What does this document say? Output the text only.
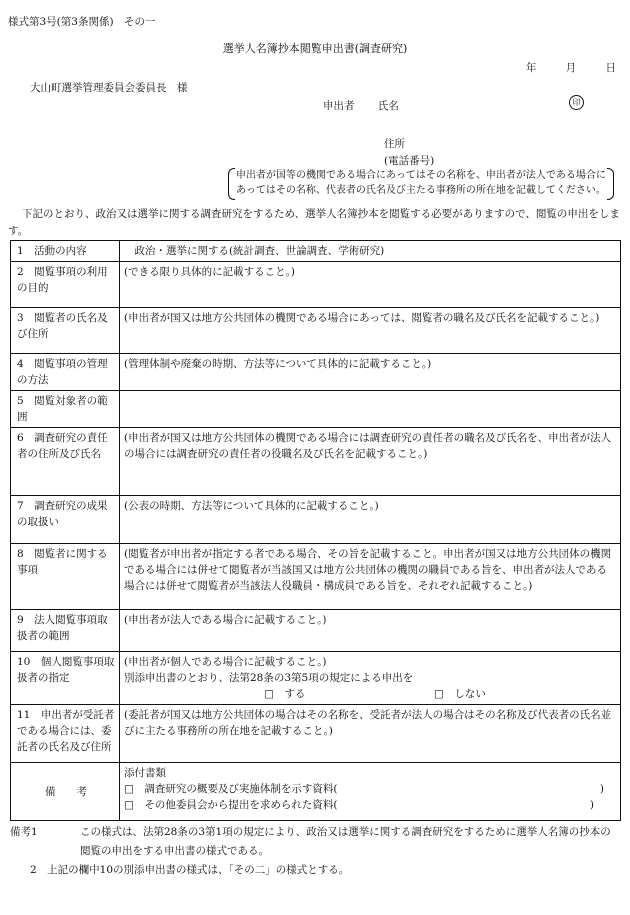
様式第3号(第3条関係)　その一
選挙人名簿抄本閲覧申出書(調査研究)
年	月	日
大山町選挙管理委員会委員長　様
申出者 氏名	印
住所
(電話番号)
申出者が国等の機関である場合にあってはその名称を、申出者が法人である場合にあってはその名称、代表者の氏名及び主たる事務所の所在地を記載してください。
下記のとおり、政治又は選挙に関する調査研究をするため、選挙人名簿抄本を閲覧する必要がありますので、閲覧の申出をします。
1　活動の内容	　政治・選挙に関する(統計調査、世論調査、学術研究)
2　閲覧事項の利用の目的	(できる限り具体的に記載すること。)
3　閲覧者の氏名及び住所	(申出者が国又は地方公共団体の機関である場合にあっては、閲覧者の職名及び氏名を記載すること。)
4　閲覧事項の管理の方法	(管理体制や廃棄の時期、方法等について具体的に記載すること。)
5　閲覧対象者の範囲	
6　調査研究の責任者の住所及び氏名	(申出者が国又は地方公共団体の機関である場合には調査研究の責任者の職名及び氏名を、申出者が法人の場合には調査研究の責任者の役職名及び氏名を記載すること。)
7　調査研究の成果の取扱い	(公表の時期、方法等について具体的に記載すること。)
8　閲覧者に関する事項	(閲覧者が申出者が指定する者である場合、その旨を記載すること。申出者が国又は地方公共団体の機関である場合には併せて閲覧者が当該国又は地方公共団体の機関の職員である旨を、申出者が法人である場合には併せて閲覧者が当該法人役職員・構成員である旨を、それぞれ記載すること。)
9　法人閲覧事項取扱者の範囲	(申出者が法人である場合に記載すること。)
10　個人閲覧事項取扱者の指定	(申出者が個人である場合に記載すること。)
別添申出書のとおり、法第28条の3第5項の規定による申出を
□　する □　しない

11　申出者が受託者である場合には、委託者の氏名及び住所	(委託者が国又は地方公共団体の場合はその名称を、受託者が法人の場合はその名称及び代表者の氏名並びに主たる事務所の所在地を記載すること。)
備　　考	添付書類
□　調査研究の概要及び実施体制を示す資料( )
□　その他委員会から提出を求められた資料( )
備考1　	この様式は、法第28条の3第1項の規定により、政治又は選挙に関する調査研究をするために選挙人名簿の抄本の
閲覧の申出をする申出書の様式である。
2　上記の欄中10の別添申出書の様式は、「その二」の様式とする。
